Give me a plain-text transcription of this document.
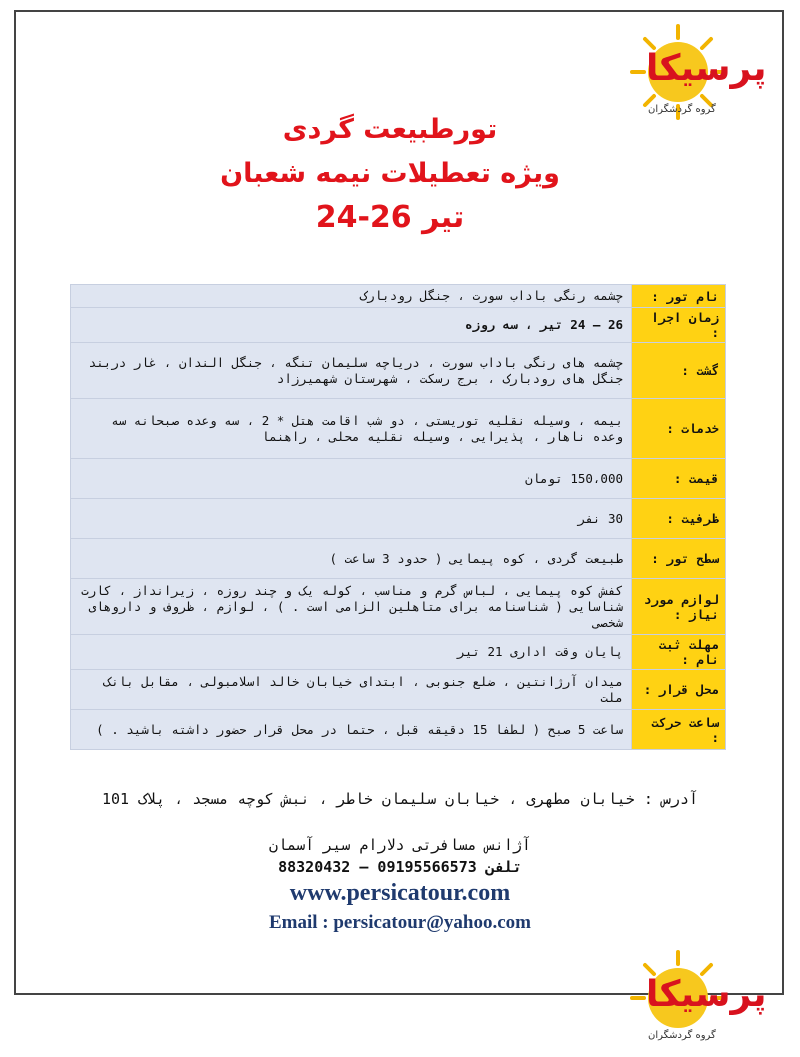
پرسیکا
گروه گردشگران
تورطبیعت گردی
ویژه تعطیلات نیمه شعبان
24-26 تیر
نام تور :	چشمه رنگی باداب سورت ، جنگل رودبارک
زمان اجرا :	26 – 24 تیر ، سه روزه
گشت :	چشمه های رنگی باداب سورت ، دریاچه سلیمان تنگه ، جنگل الندان ، غار دربند جنگل های رودبارک ، برج رسکت ، شهرستان شهمیرزاد
خدمات :	بیمه ، وسیله نقلیه توریستی ، دو شب اقامت هتل * 2 ، سه وعده صبحانه سه وعده ناهار ، پذیرایی ، وسیله نقلیه محلی ، راهنما
قیمت :	150،000 تومان
ظرفیت :	30 نفر
سطح تور :	طبیعت گردی ، کوه پیمایی ( حدود 3 ساعت )
لوازم مورد نیاز :	کفش کوه پیمایی ، لباس گرم و مناسب ، کوله یک و چند روزه ، زیرانداز ، کارت شناسایی ( شناسنامه برای متاهلین الزامی است . ) ، لوازم ، ظروف و داروهای شخصی
مهلت ثبت نام :	پایان وقت اداری 21 تیر
محل قرار :	میدان آرژانتین ، ضلع جنوبی ، ابتدای خیابان خالد اسلامبولی ، مقابل بانک ملت
ساعت حرکت :	ساعت 5 صبح ( لطفا 15 دقیقه قبل ، حتما در محل قرار حضور داشته باشید . )
آدرس : خیابان مطهری ، خیابان سلیمان خاطر ، نبش کوچه مسجد ، پلاک 101
آژانس مسافرتی دلارام سیر آسمان
تلفن 09195566573 – 88320432
www.persicatour.com
Email : persicatour@yahoo.com
پرسیکا
گروه گردشگران
